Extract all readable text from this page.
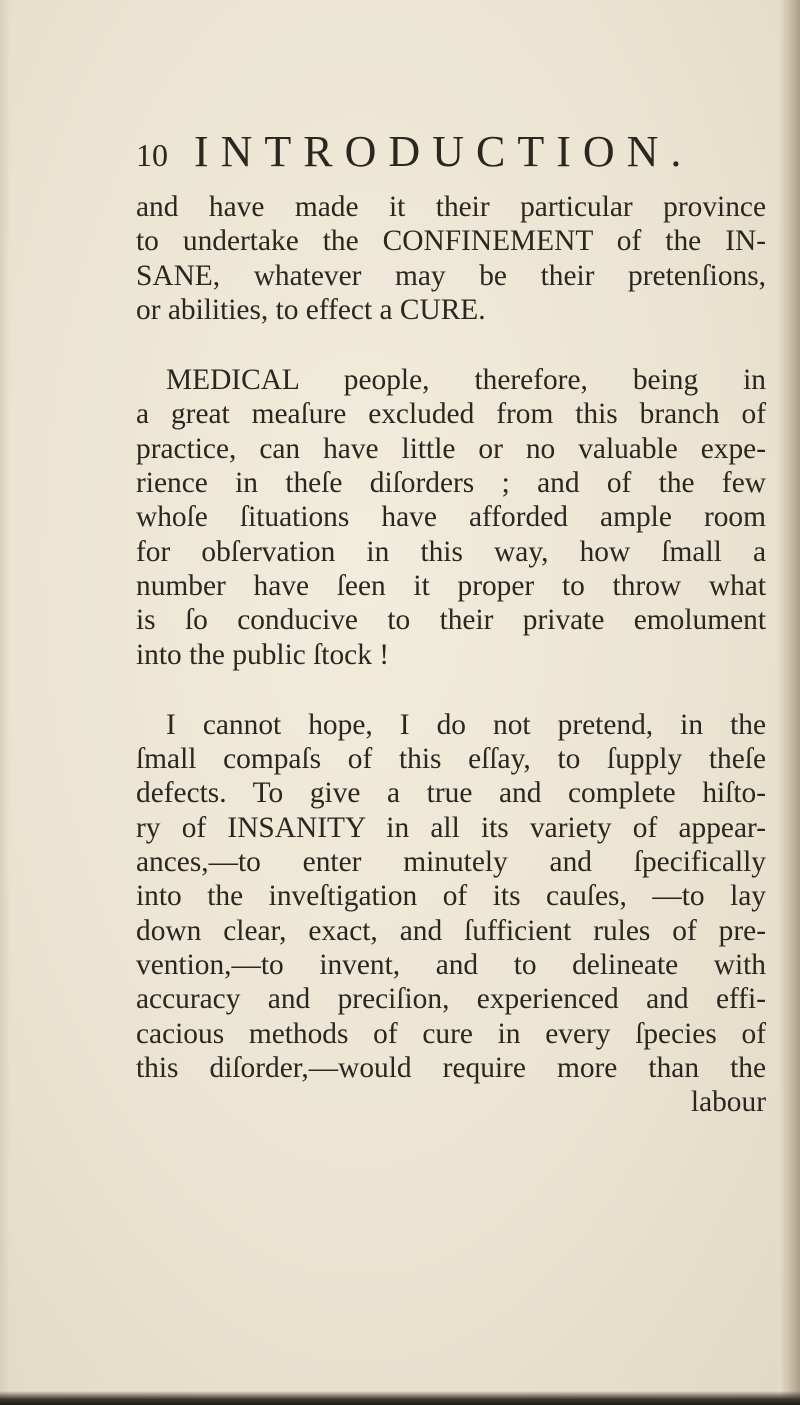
10 INTRODUCTION.
and have made it their particular province
to undertake the CONFINEMENT of the IN-
SANE, whatever may be their pretenſions,
or abilities, to effect a CURE.
MEDICAL people, therefore, being in
a great meaſure excluded from this branch of
practice, can have little or no valuable expe-
rience in theſe diſorders ; and of the few
whoſe ſituations have afforded ample room
for obſervation in this way, how ſmall a
number have ſeen it proper to throw what
is ſo conducive to their private emolument
into the public ſtock !
I cannot hope, I do not pretend, in the
ſmall compaſs of this eſſay, to ſupply theſe
defects. To give a true and complete hiſto-
ry of INSANITY in all its variety of appear-
ances,—to enter minutely and ſpecifically
into the inveſtigation of its cauſes, —to lay
down clear, exact, and ſufficient rules of pre-
vention,—to invent, and to delineate with
accuracy and preciſion, experienced and effi-
cacious methods of cure in every ſpecies of
this diſorder,—would require more than the
labour
